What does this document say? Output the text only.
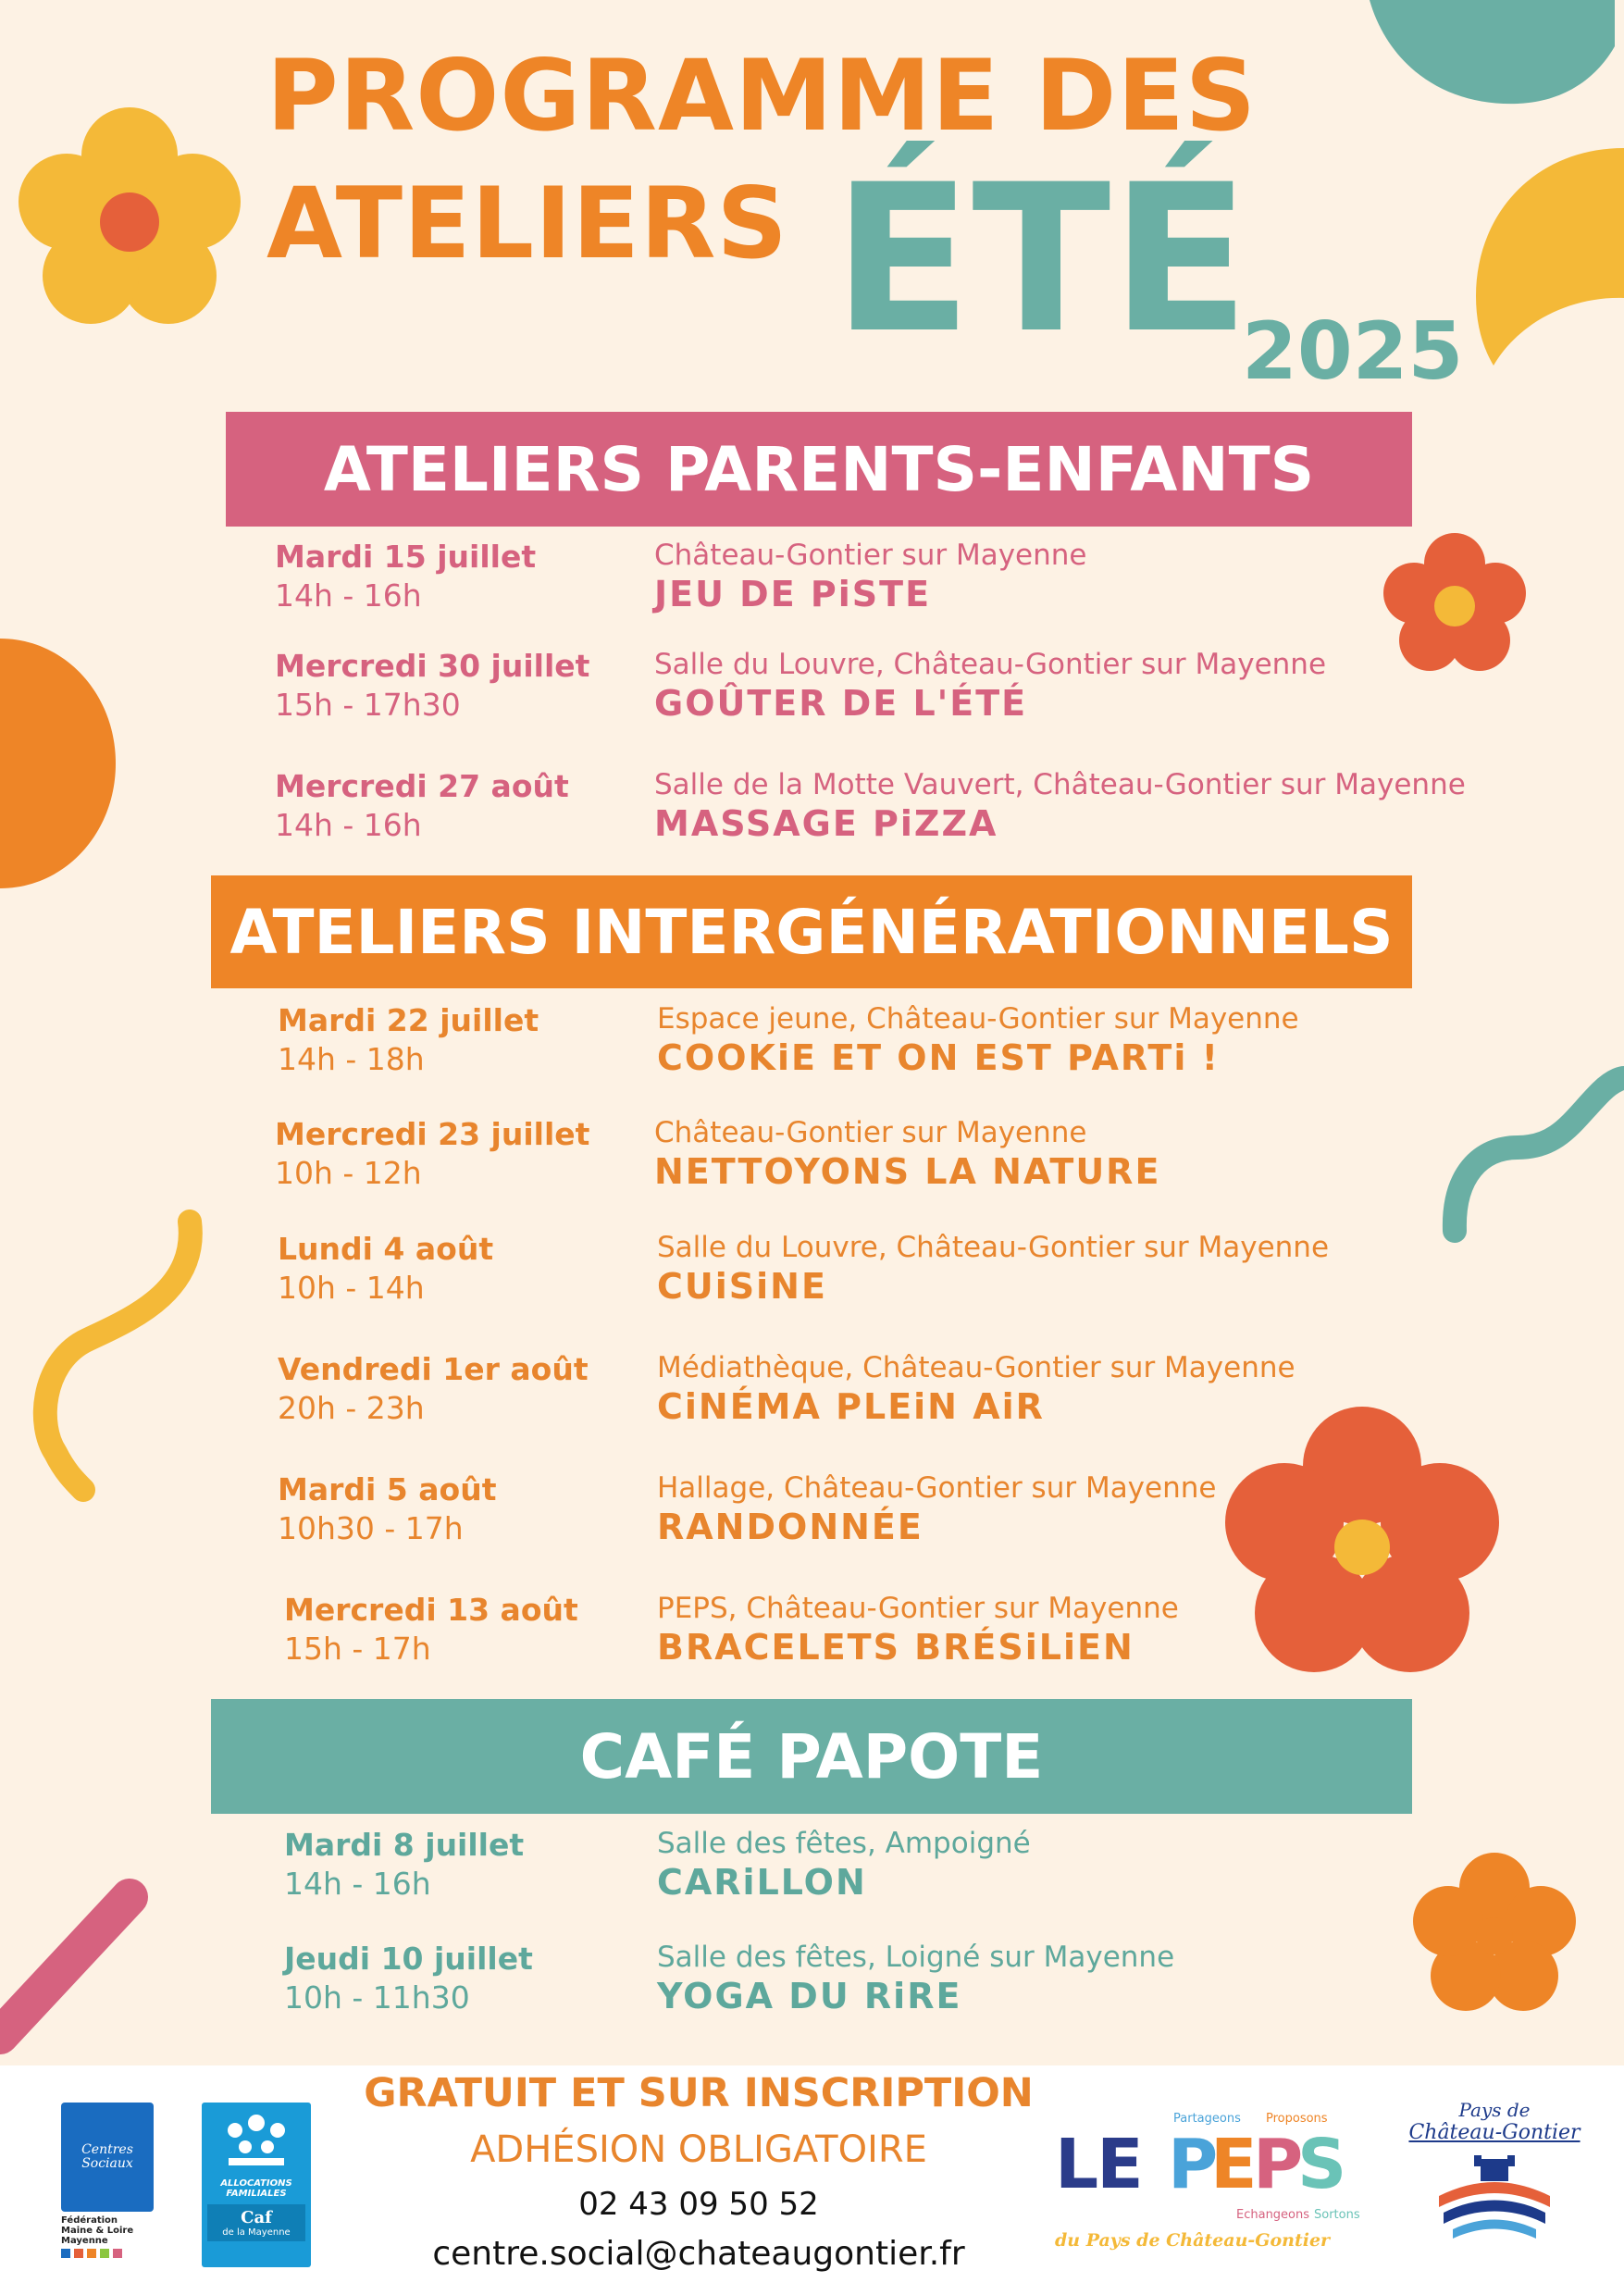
PROGRAMME DES
ATELIERS ÉTÉ
2025
ATELIERS PARENTS-ENFANTS
Mardi 15 juillet
14h - 16h
Château-Gontier sur Mayenne
JEU DE PiSTE
Mercredi 30 juillet
15h - 17h30
Salle du Louvre, Château-Gontier sur Mayenne
GOÛTER DE L'ÉTÉ
Mercredi 27 août
14h - 16h
Salle de la Motte Vauvert, Château-Gontier sur Mayenne
MASSAGE PiZZA
ATELIERS INTERGÉNÉRATIONNELS
Mardi 22 juillet
14h - 18h
Espace jeune, Château-Gontier sur Mayenne
COOKiE ET ON EST PARTi !
Mercredi 23 juillet
10h - 12h
Château-Gontier sur Mayenne
NETTOYONS LA NATURE
Lundi 4 août
10h - 14h
Salle du Louvre, Château-Gontier sur Mayenne
CUiSiNE
Vendredi 1er août
20h - 23h
Médiathèque, Château-Gontier sur Mayenne
CiNÉMA PLEiN AiR
Mardi 5 août
10h30 - 17h
Hallage, Château-Gontier sur Mayenne
RANDONNÉE
Mercredi 13 août
15h - 17h
PEPS, Château-Gontier sur Mayenne
BRACELETS BRÉSiLiEN
CAFÉ PAPOTE
Mardi 8 juillet
14h - 16h
Salle des fêtes, Ampoigné
CARiLLON
Jeudi 10 juillet
10h - 11h30
Salle des fêtes, Loigné sur Mayenne
YOGA DU RiRE
GRATUIT ET SUR INSCRIPTION
ADHÉSION OBLIGATOIRE
02 43 09 50 52
centre.social@chateaugontier.fr
Centres Sociaux
Fédération
Maine & Loire
Mayenne
ALLOCATIONS
FAMILIALES
Caf
de la Mayenne
Partageons Proposons
LE P
E
P
S
Echangeons Sortons
du Pays de Château-Gontier
Pays de
Château-Gontier
